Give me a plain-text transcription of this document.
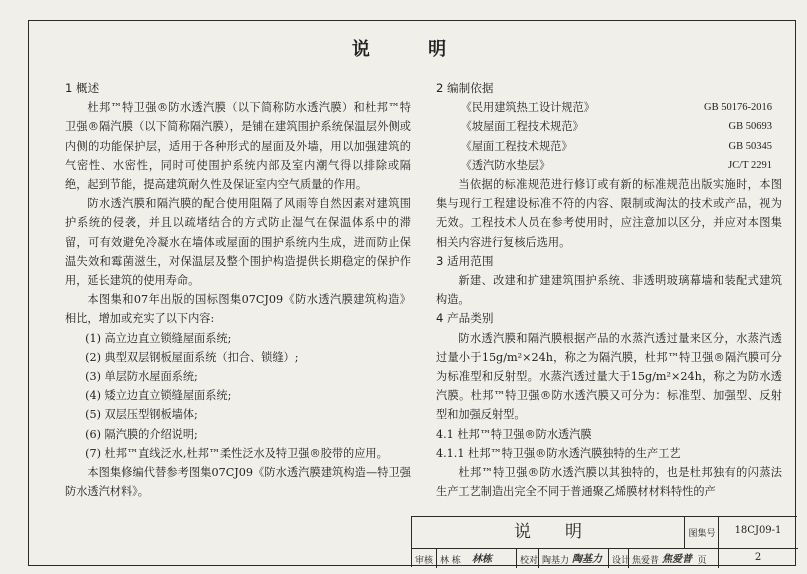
说 明
1 概述
杜邦™特卫强®防水透汽膜（以下简称防水透汽膜）和杜邦™特卫强®隔汽膜（以下简称隔汽膜），是铺在建筑围护系统保温层外侧或内侧的功能保护层，适用于各种形式的屋面及外墙，用以加强建筑的气密性、水密性，同时可使围护系统内部及室内潮气得以排除或隔绝，起到节能，提高建筑耐久性及保证室内空气质量的作用。
防水透汽膜和隔汽膜的配合使用阻隔了风雨等自然因素对建筑围护系统的侵袭，并且以疏堵结合的方式防止湿气在保温体系中的滞留，可有效避免冷凝水在墙体或屋面的围护系统内生成，进而防止保温失效和霉菌滋生，对保温层及整个围护构造提供长期稳定的保护作用，延长建筑的使用寿命。
本图集和07年出版的国标图集07CJ09《防水透汽膜建筑构造》 相比，增加或充实了以下内容:
(1) 高立边直立锁缝屋面系统;
(2) 典型双层钢板屋面系统（扣合、锁缝）;
(3) 单层防水屋面系统;
(4) 矮立边直立锁缝屋面系统;
(5) 双层压型钢板墙体;
(6) 隔汽膜的介绍说明;
(7) 杜邦™直线泛水,杜邦™柔性泛水及特卫强®胶带的应用。
本图集修编代替参考图集07CJ09《防水透汽膜建筑构造—特卫强防水透汽材料》。
2 编制依据
《民用建筑热工设计规范》	GB 50176-2016
《坡屋面工程技术规范》	GB 50693
《屋面工程技术规范》	GB 50345
《透汽防水垫层》	JC/T 2291
当依据的标准规范进行修订或有新的标准规范出版实施时，本图集与现行工程建设标准不符的内容、限制或淘汰的技术或产品，视为无效。工程技术人员在参考使用时，应注意加以区分，并应对本图集相关内容进行复核后选用。
3 适用范围
新建、改建和扩建建筑围护系统、非透明玻璃幕墙和装配式建筑构造。
4 产品类别
防水透汽膜和隔汽膜根据产品的水蒸汽透过量来区分，水蒸汽透过量小于15g/m²×24h，称之为隔汽膜，杜邦™特卫强®隔汽膜可分为标准型和反射型。水蒸汽透过量大于15g/m²×24h，称之为防水透汽膜。杜邦™特卫强®防水透汽膜又可分为：标准型、加强型、反射型和加强反射型。
4.1 杜邦™特卫强®防水透汽膜
4.1.1 杜邦™特卫强®防水透汽膜独特的生产工艺
杜邦™特卫强®防水透汽膜以其独特的，也是杜邦独有的闪蒸法生产工艺制造出完全不同于普通聚乙烯膜材材料特性的产
说明	图集号	18CJ09-1
页	2
审核 林 栋 林栋	校对 陶基力 陶基力 设计 焦爱普 焦爱普
